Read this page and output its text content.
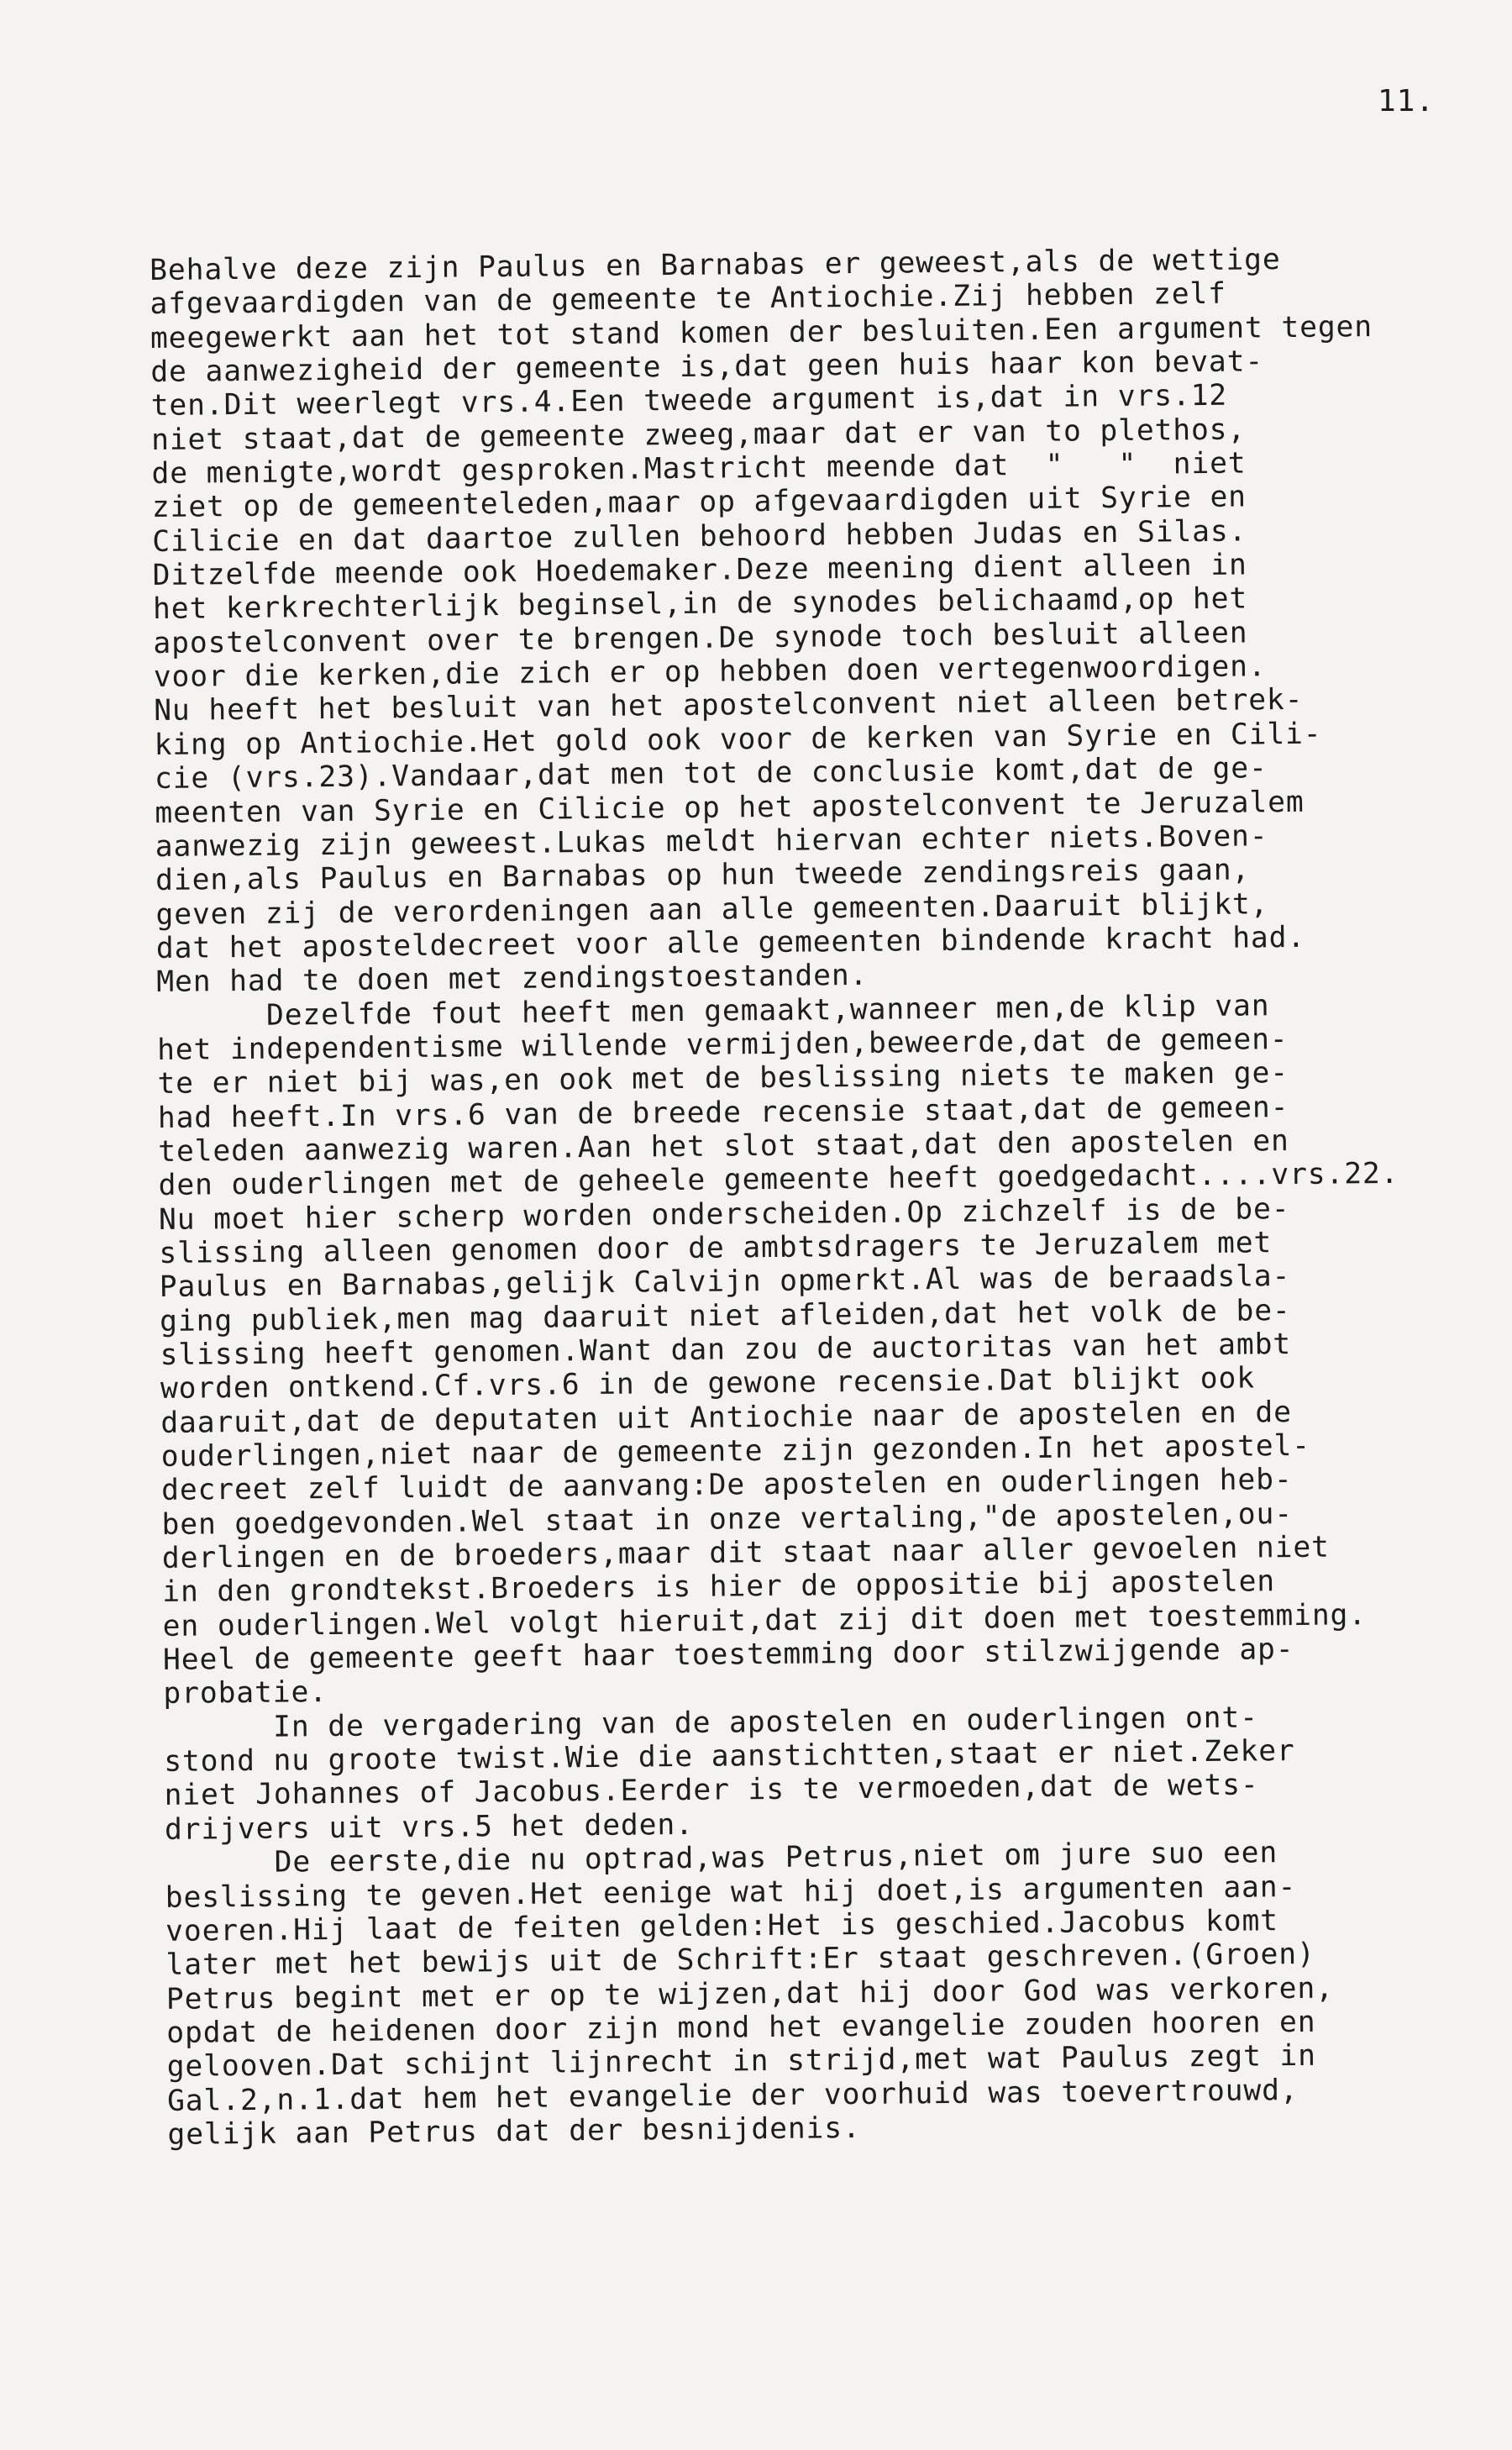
11.
Behalve deze zijn Paulus en Barnabas er geweest,als de wettige
afgevaardigden van de gemeente te Antiochie.Zij hebben zelf
meegewerkt aan het tot stand komen der besluiten.Een argument tegen
de aanwezigheid der gemeente is,dat geen huis haar kon bevat-
ten.Dit weerlegt vrs.4.Een tweede argument is,dat in vrs.12
niet staat,dat de gemeente zweeg,maar dat er van to plethos,
de menigte,wordt gesproken.Mastricht meende dat  "   "  niet
ziet op de gemeenteleden,maar op afgevaardigden uit Syrie en
Cilicie en dat daartoe zullen behoord hebben Judas en Silas.
Ditzelfde meende ook Hoedemaker.Deze meening dient alleen in
het kerkrechterlijk beginsel,in de synodes belichaamd,op het
apostelconvent over te brengen.De synode toch besluit alleen
voor die kerken,die zich er op hebben doen vertegenwoordigen.
Nu heeft het besluit van het apostelconvent niet alleen betrek-
king op Antiochie.Het gold ook voor de kerken van Syrie en Cili-
cie (vrs.23).Vandaar,dat men tot de conclusie komt,dat de ge-
meenten van Syrie en Cilicie op het apostelconvent te Jeruzalem
aanwezig zijn geweest.Lukas meldt hiervan echter niets.Boven-
dien,als Paulus en Barnabas op hun tweede zendingsreis gaan,
geven zij de verordeningen aan alle gemeenten.Daaruit blijkt,
dat het aposteldecreet voor alle gemeenten bindende kracht had.
Men had te doen met zendingstoestanden.
Dezelfde fout heeft men gemaakt,wanneer men,de klip van
het independentisme willende vermijden,beweerde,dat de gemeen-
te er niet bij was,en ook met de beslissing niets te maken ge-
had heeft.In vrs.6 van de breede recensie staat,dat de gemeen-
teleden aanwezig waren.Aan het slot staat,dat den apostelen en
den ouderlingen met de geheele gemeente heeft goedgedacht....vrs.22.
Nu moet hier scherp worden onderscheiden.Op zichzelf is de be-
slissing alleen genomen door de ambtsdragers te Jeruzalem met
Paulus en Barnabas,gelijk Calvijn opmerkt.Al was de beraadsla-
ging publiek,men mag daaruit niet afleiden,dat het volk de be-
slissing heeft genomen.Want dan zou de auctoritas van het ambt
worden ontkend.Cf.vrs.6 in de gewone recensie.Dat blijkt ook
daaruit,dat de deputaten uit Antiochie naar de apostelen en de
ouderlingen,niet naar de gemeente zijn gezonden.In het apostel-
decreet zelf luidt de aanvang:De apostelen en ouderlingen heb-
ben goedgevonden.Wel staat in onze vertaling,"de apostelen,ou-
derlingen en de broeders,maar dit staat naar aller gevoelen niet
in den grondtekst.Broeders is hier de oppositie bij apostelen
en ouderlingen.Wel volgt hieruit,dat zij dit doen met toestemming.
Heel de gemeente geeft haar toestemming door stilzwijgende ap-
probatie.
In de vergadering van de apostelen en ouderlingen ont-
stond nu groote twist.Wie die aanstichtten,staat er niet.Zeker
niet Johannes of Jacobus.Eerder is te vermoeden,dat de wets-
drijvers uit vrs.5 het deden.
De eerste,die nu optrad,was Petrus,niet om jure suo een
beslissing te geven.Het eenige wat hij doet,is argumenten aan-
voeren.Hij laat de feiten gelden:Het is geschied.Jacobus komt
later met het bewijs uit de Schrift:Er staat geschreven.(Groen)
Petrus begint met er op te wijzen,dat hij door God was verkoren,
opdat de heidenen door zijn mond het evangelie zouden hooren en
gelooven.Dat schijnt lijnrecht in strijd,met wat Paulus zegt in
Gal.2,n.1.dat hem het evangelie der voorhuid was toevertrouwd,
gelijk aan Petrus dat der besnijdenis.
